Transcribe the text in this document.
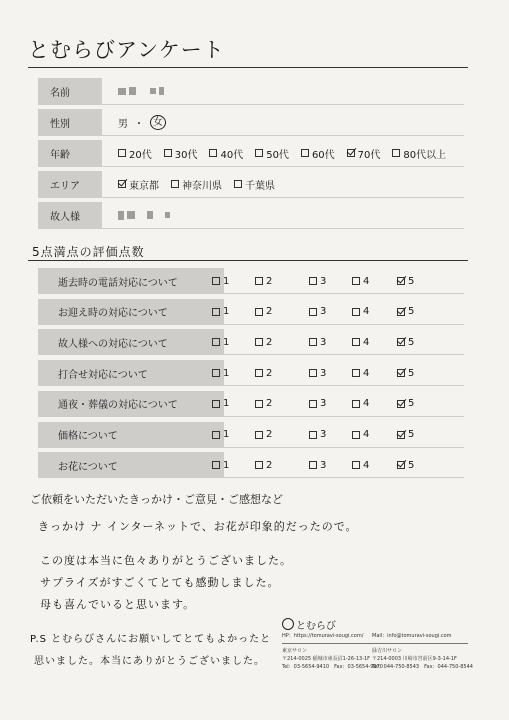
とむらびアンケート
名前
性別	男 ・ 女
年齢	20代 30代 40代 50代 60代 70代 80代以上
エリア	東京都 神奈川県 千葉県
故人様
5点満点の評価点数
逝去時の電話対応について	1	2	3	4	5
お迎え時の対応について	1	2	3	4	5
故人様への対応について	1	2	3	4	5
打合せ対応について	1	2	3	4	5
通夜・葬儀の対応について	1	2	3	4	5
価格について	1	2	3	4	5
お花について	1	2	3	4	5
ご依頼をいただいたきっかけ・ご意見・ご感想など
きっかけ ナ インターネットで、お花が印象的だったので。
この度は本当に色々ありがとうございました。
サプライズがすごくてとても感動しました。
母も喜んでいると思います。
P.S とむらびさんにお願いしてとてもよかったと
思いました。本当にありがとうございました。
とむらび
HP：https://tomuravi-sougi.com/ Mail：info@tomuravi-sougi.com
東京サロン
〒214-0025 稲城市東長沼1-26-13-1F
Tel：03-5654-9410　Fax：03-5654-9970
緑吉川サロン
〒214-0003 川崎市宮前区9-3-14-1F
Tel：044-750-8543　Fax：044-750-8544
